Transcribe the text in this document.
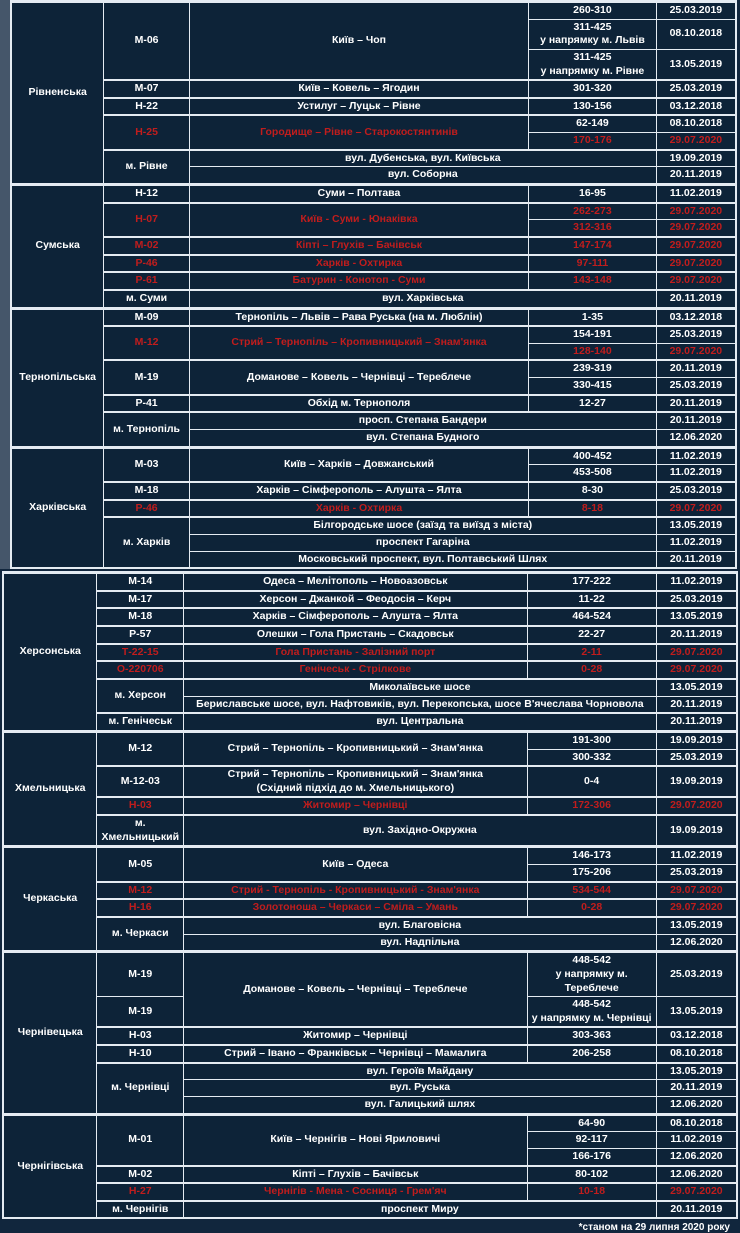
Рівненська	М-06	Київ – Чоп	260-310	25.03.2019
			311-425
у напрямку м. Львів	08.10.2018
			311-425
у напрямку м. Рівне	13.05.2019
	М-07	Київ – Ковель – Ягодин	301-320	25.03.2019
	Н-22	Устилуг – Луцьк – Рівне	130-156	03.12.2018
	Н-25	Городище – Рівне – Старокостянтинів	62-149	08.10.2018
			170-176	29.07.2020
	м. Рівне	вул. Дубенська, вул. Київська		19.09.2019
		вул. Соборна		20.11.2019
Сумська	Н-12	Суми – Полтава	16-95	11.02.2019
	Н-07	Київ - Суми - Юнаківка	262-273	29.07.2020
			312-316	29.07.2020
	М-02	Кіпті – Глухів – Бачівськ	147-174	29.07.2020
	Р-46	Харків - Охтирка	97-111	29.07.2020
	Р-61	Батурин - Конотоп - Суми	143-148	29.07.2020
	м. Суми	вул. Харківська		20.11.2019
Тернопільська	М-09	Тернопіль – Львів – Рава Руська (на м. Люблін)	1-35	03.12.2018
	М-12	Стрий – Тернопіль – Кропивницький – Знам'янка	154-191	25.03.2019
			128-140	29.07.2020
	М-19	Доманове – Ковель – Чернівці – Тереблече	239-319	20.11.2019
			330-415	25.03.2019
	Р-41	Обхід м. Тернополя	12-27	20.11.2019
	м. Тернопіль	просп. Степана Бандери		20.11.2019
		вул. Степана Будного		12.06.2020
Харківська	М-03	Київ – Харків – Довжанський	400-452	11.02.2019
			453-508	11.02.2019
	М-18	Харків – Сімферополь – Алушта – Ялта	8-30	25.03.2019
	Р-46	Харків - Охтирка	8-18	29.07.2020
	м. Харків	Білгородське шосе (заїзд та виїзд з міста)		13.05.2019
		проспект Гагаріна		11.02.2019
		Московський проспект, вул. Полтавський Шлях		20.11.2019
Херсонська	М-14	Одеса – Мелітополь – Новоазовськ	177-222	11.02.2019
	М-17	Херсон – Джанкой – Феодосія – Керч	11-22	25.03.2019
	М-18	Харків – Сімферополь – Алушта – Ялта	464-524	13.05.2019
	Р-57	Олешки – Гола Пристань – Скадовськ	22-27	20.11.2019
	Т-22-15	Гола Пристань - Залізний порт	2-11	29.07.2020
	О-220706	Генічеськ - Стрілкове	0-28	29.07.2020
	м. Херсон	Миколаївське шосе		13.05.2019
		Бериславське шосе, вул. Нафтовиків, вул. Перекопська, шосе В'ячеслава Чорновола		20.11.2019
	м. Генічеськ	вул. Центральна		20.11.2019
Хмельницька	М-12	Стрий – Тернопіль – Кропивницький – Знам'янка	191-300	19.09.2019
			300-332	25.03.2019
	М-12-03	Стрий – Тернопіль – Кропивницький – Знам'янка
(Східний підхід до м. Хмельницького)	0-4	19.09.2019
	Н-03	Житомир – Чернівці	172-306	29.07.2020
	м. Хмельницький	вул. Західно-Окружна		19.09.2019
Черкаська	М-05	Київ – Одеса	146-173	11.02.2019
			175-206	25.03.2019
	М-12	Стрий - Тернопіль - Кропивницький - Знам'янка	534-544	29.07.2020
	Н-16	Золотоноша – Черкаси – Сміла – Умань	0-28	29.07.2020
	м. Черкаси	вул. Благовісна		13.05.2019
		вул. Надпільна		12.06.2020
Чернівецька	М-19	Доманове – Ковель – Чернівці – Тереблече	448-542
у напрямку м. Тереблече	25.03.2019
	М-19		448-542
у напрямку м. Чернівці	13.05.2019
	Н-03	Житомир – Чернівці	303-363	03.12.2018
	Н-10	Стрий – Івано – Франківськ – Чернівці – Мамалига	206-258	08.10.2018
	м. Чернівці	вул. Героїв Майдану		13.05.2019
		вул. Руська		20.11.2019
		вул. Галицький шлях		12.06.2020
Чернігівська	М-01	Київ – Чернігів – Нові Яриловичі	64-90	08.10.2018
			92-117	11.02.2019
			166-176	12.06.2020
	М-02	Кіпті – Глухів – Бачівськ	80-102	12.06.2020
	Н-27	Чернігів - Мена - Сосниця - Грем'яч	10-18	29.07.2020
	м. Чернігів	проспект Миру		20.11.2019
*станом на 29 липня 2020 року
